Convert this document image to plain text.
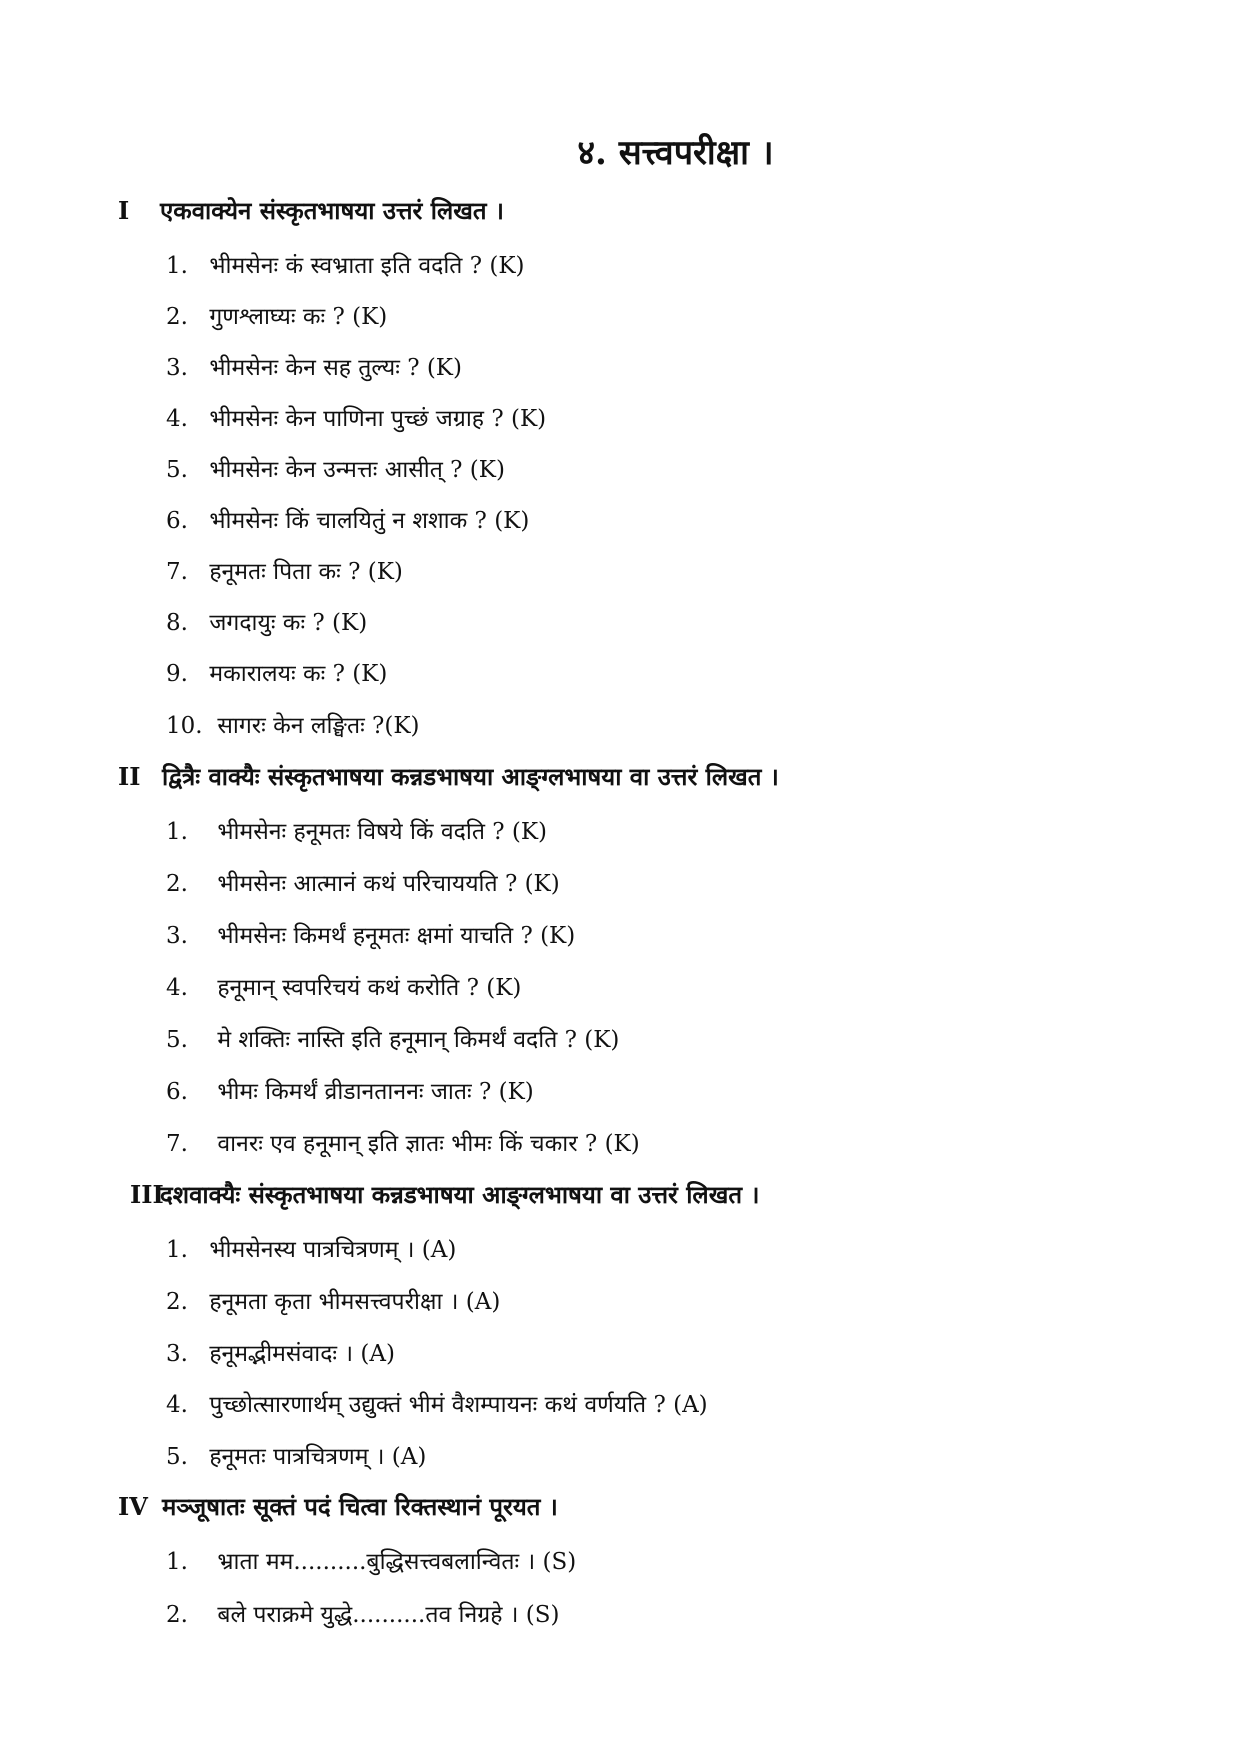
४. सत्त्वपरीक्षा ।
I एकवाक्येन संस्कृतभाषया उत्तरं लिखत ।
1. भीमसेनः कं स्वभ्राता इति वदति ? (K)
2. गुणश्लाघ्यः कः ? (K)
3. भीमसेनः केन सह तुल्यः ? (K)
4. भीमसेनः केन पाणिना पुच्छं जग्राह ? (K)
5. भीमसेनः केन उन्मत्तः आसीत् ? (K)
6. भीमसेनः किं चालयितुं न शशाक ? (K)
7. हनूमतः पिता कः ? (K)
8. जगदायुः कः ? (K)
9. मकारालयः कः ? (K)
10. सागरः केन लङ्घितः ?(K)
II द्वित्रैः वाक्यैः संस्कृतभाषया कन्नडभाषया आङ्ग्लभाषया वा उत्तरं लिखत ।
1. भीमसेनः हनूमतः विषये किं वदति ? (K)
2. भीमसेनः आत्मानं कथं परिचाययति ? (K)
3. भीमसेनः किमर्थं हनूमतः क्षमां याचति ? (K)
4. हनूमान् स्वपरिचयं कथं करोति ? (K)
5. मे शक्तिः नास्ति इति हनूमान् किमर्थं वदति ? (K)
6. भीमः किमर्थं व्रीडानताननः जातः ? (K)
7. वानरः एव हनूमान् इति ज्ञातः भीमः किं चकार ? (K)
IIIदशवाक्यैः संस्कृतभाषया कन्नडभाषया आङ्ग्लभाषया वा उत्तरं लिखत ।
1. भीमसेनस्य पात्रचित्रणम् । (A)
2. हनूमता कृता भीमसत्त्वपरीक्षा । (A)
3. हनूमद्भीमसंवादः । (A)
4. पुच्छोत्सारणार्थम् उद्युक्तं भीमं वैशम्पायनः कथं वर्णयति ? (A)
5. हनूमतः पात्रचित्रणम् । (A)
IV मञ्जूषातः सूक्तं पदं चित्वा रिक्तस्थानं पूरयत ।
1. भ्राता मम..........बुद्धिसत्त्वबलान्वितः । (S)
2. बले पराक्रमे युद्धे..........तव निग्रहे । (S)
